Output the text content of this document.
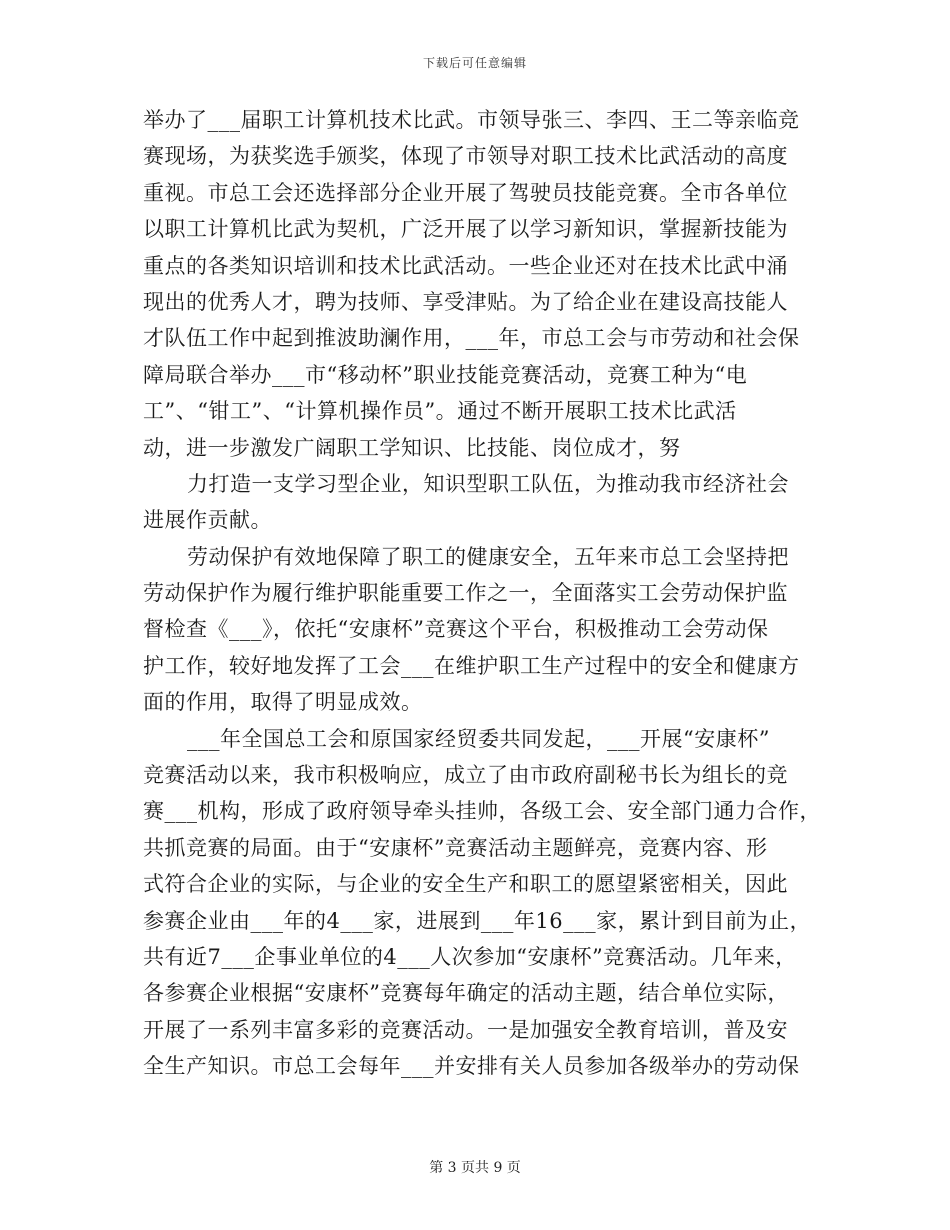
下载后可任意编辑
举办了___届职工计算机技术比武。市领导张三、李四、王二等亲临竞
赛现场，为获奖选手颁奖，体现了市领导对职工技术比武活动的高度
重视。市总工会还选择部分企业开展了驾驶员技能竞赛。全市各单位
以职工计算机比武为契机，广泛开展了以学习新知识，掌握新技能为
重点的各类知识培训和技术比武活动。一些企业还对在技术比武中涌
现出的优秀人才，聘为技师、享受津贴。为了给企业在建设高技能人
才队伍工作中起到推波助澜作用，___年，市总工会与市劳动和社会保
障局联合举办___市“移动杯”职业技能竞赛活动，竞赛工种为“电
工”、“钳工”、“计算机操作员”。通过不断开展职工技术比武活
动，进一步激发广阔职工学知识、比技能、岗位成才，努
力打造一支学习型企业，知识型职工队伍，为推动我市经济社会
进展作贡献。
劳动保护有效地保障了职工的健康安全，五年来市总工会坚持把
劳动保护作为履行维护职能重要工作之一，全面落实工会劳动保护监
督检查《___》，依托“安康杯”竞赛这个平台，积极推动工会劳动保
护工作，较好地发挥了工会___在维护职工生产过程中的安全和健康方
面的作用，取得了明显成效。
___年全国总工会和原国家经贸委共同发起，___开展“安康杯”
竞赛活动以来，我市积极响应，成立了由市政府副秘书长为组长的竞
赛___机构，形成了政府领导牵头挂帅，各级工会、安全部门通力合作，
共抓竞赛的局面。由于“安康杯”竞赛活动主题鲜亮，竞赛内容、形
式符合企业的实际，与企业的安全生产和职工的愿望紧密相关，因此
参赛企业由___年的4___家，进展到___年16___家，累计到目前为止，
共有近7___企事业单位的4___人次参加“安康杯”竞赛活动。几年来，
各参赛企业根据“安康杯”竞赛每年确定的活动主题，结合单位实际，
开展了一系列丰富多彩的竞赛活动。一是加强安全教育培训，普及安
全生产知识。市总工会每年___并安排有关人员参加各级举办的劳动保
第 3 页共 9 页
